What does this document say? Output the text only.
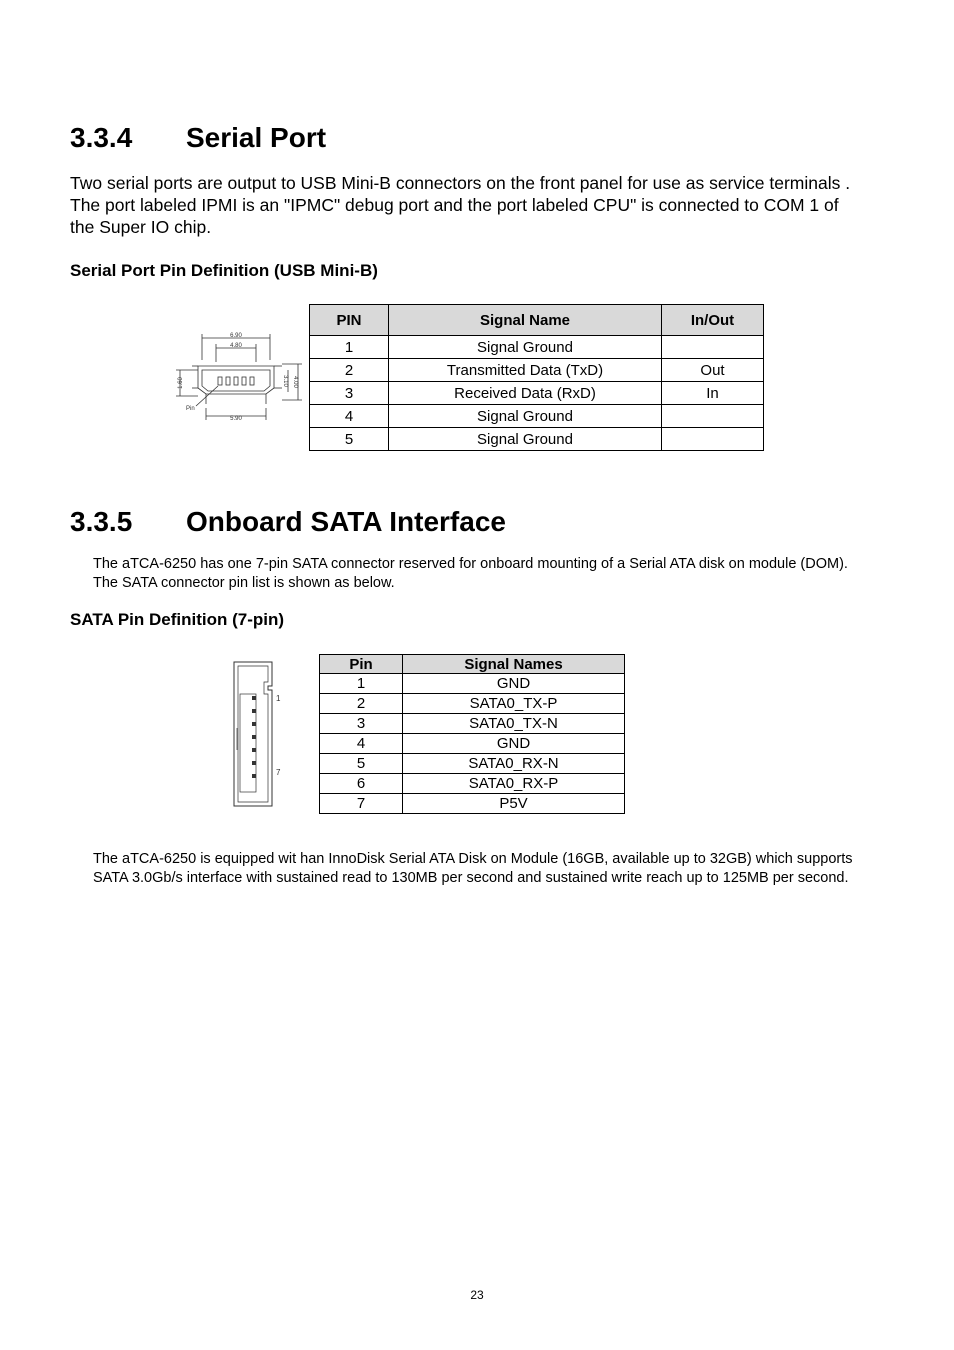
3.3.4 Serial Port

Two serial ports are output to USB Mini-B connectors on the front panel for use as service terminals . The port labeled IPMI is an "IPMC" debug port and the port labeled CPU" is connected to COM 1 of the Super IO chip.

Serial Port Pin Definition (USB Mini-B)
6.90
4.80
5.90
1.60	3.10 4.00
Pin
PIN	Signal Name	In/Out
1	Signal Ground	
2	Transmitted Data (TxD)	Out
3	Received Data (RxD)	In
4	Signal Ground	
5	Signal Ground	
3.3.5 Onboard SATA Interface

The aTCA-6250 has one 7-pin SATA connector reserved for onboard mounting of a Serial ATA disk on module (DOM). The SATA connector pin list is shown as below.

SATA Pin Definition (7-pin)
1
7
Pin	Signal Names
1	GND
2	SATA0_TX-P
3	SATA0_TX-N
4	GND
5	SATA0_RX-N
6	SATA0_RX-P
7	P5V

The aTCA-6250 is equipped wit han InnoDisk Serial ATA Disk on Module (16GB, available up to 32GB) which supports SATA 3.0Gb/s interface with sustained read to 130MB per second and sustained write reach up to 125MB per second.

23
